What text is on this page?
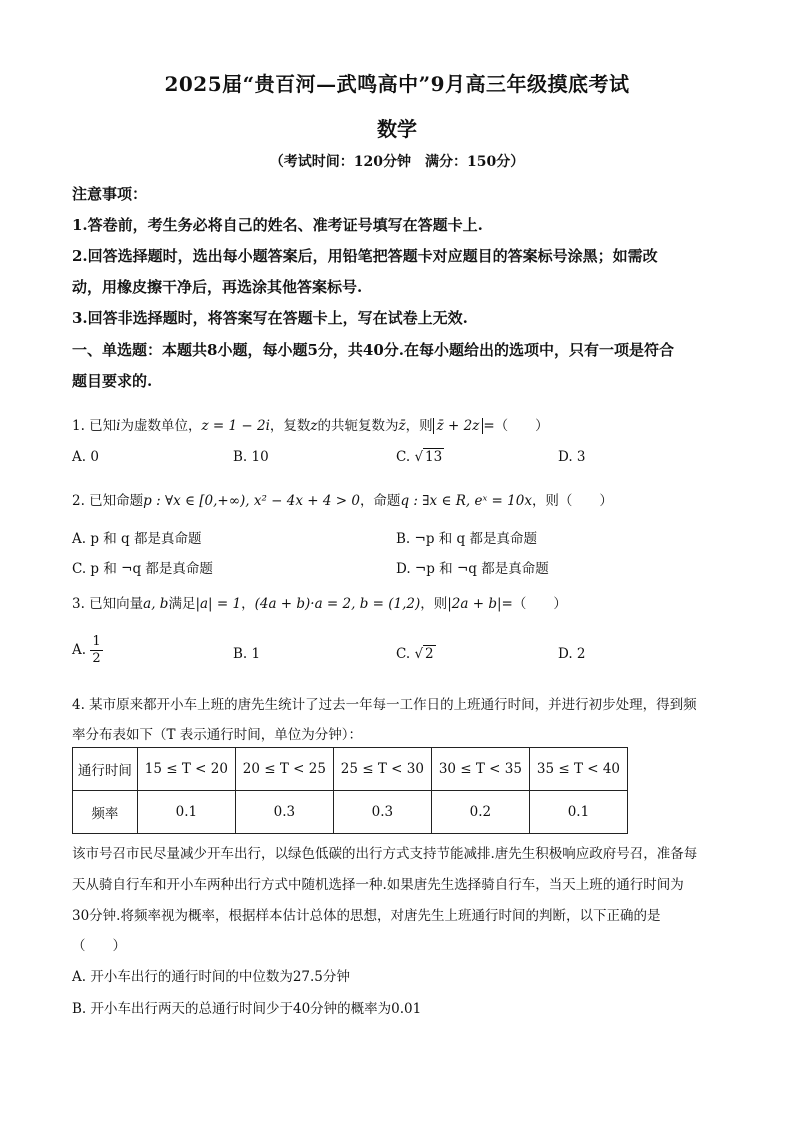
2025届“贵百河—武鸣高中”9月高三年级摸底考试
数学
（考试时间：120分钟　满分：150分）
注意事项：
1.答卷前，考生务必将自己的姓名、准考证号填写在答题卡上.
2.回答选择题时，选出每小题答案后，用铅笔把答题卡对应题目的答案标号涂黑；如需改
动，用橡皮擦干净后，再选涂其他答案标号.
3.回答非选择题时，将答案写在答题卡上，写在试卷上无效.
一、单选题：本题共8小题，每小题5分，共40分.在每小题给出的选项中，只有一项是符合
题目要求的.
1. 已知i为虚数单位，z = 1 − 2i，复数z的共轭复数为z̄，则 z̄ + 2z =（　　）
A. 0	B. 10	C. √ 13	D. 3
2. 已知命题p : ∀x ∈ [0,+∞), x² − 4x + 4 > 0，命题q : ∃x ∈ R, eˣ = 10x，则（　　）
A. p 和 q 都是真命题	B. ¬p 和 q 都是真命题
C. p 和 ¬q 都是真命题	D. ¬p 和 ¬q 都是真命题
3. 已知向量a, b满足|a| = 1，(4a + b)·a = 2, b = (1,2)，则|2a + b|=（　　）
A. $\frac{1}{2}$	B. 1	C. √ 2	D. 2
4. 某市原来都开小车上班的唐先生统计了过去一年每一工作日的上班通行时间，并进行初步处理，得到频
率分布表如下（T 表示通行时间，单位为分钟）：
通行时间	15 ≤ T < 20	20 ≤ T < 25	25 ≤ T < 30	30 ≤ T < 35	35 ≤ T < 40
频率	0.1	0.3	0.3	0.2	0.1
该市号召市民尽量减少开车出行，以绿色低碳的出行方式支持节能减排.唐先生积极响应政府号召，准备每
天从骑自行车和开小车两种出行方式中随机选择一种.如果唐先生选择骑自行车，当天上班的通行时间为
30分钟.将频率视为概率，根据样本估计总体的思想，对唐先生上班通行时间的判断，以下正确的是
（　　）
A. 开小车出行的通行时间的中位数为27.5分钟
B. 开小车出行两天的总通行时间少于40分钟的概率为0.01
